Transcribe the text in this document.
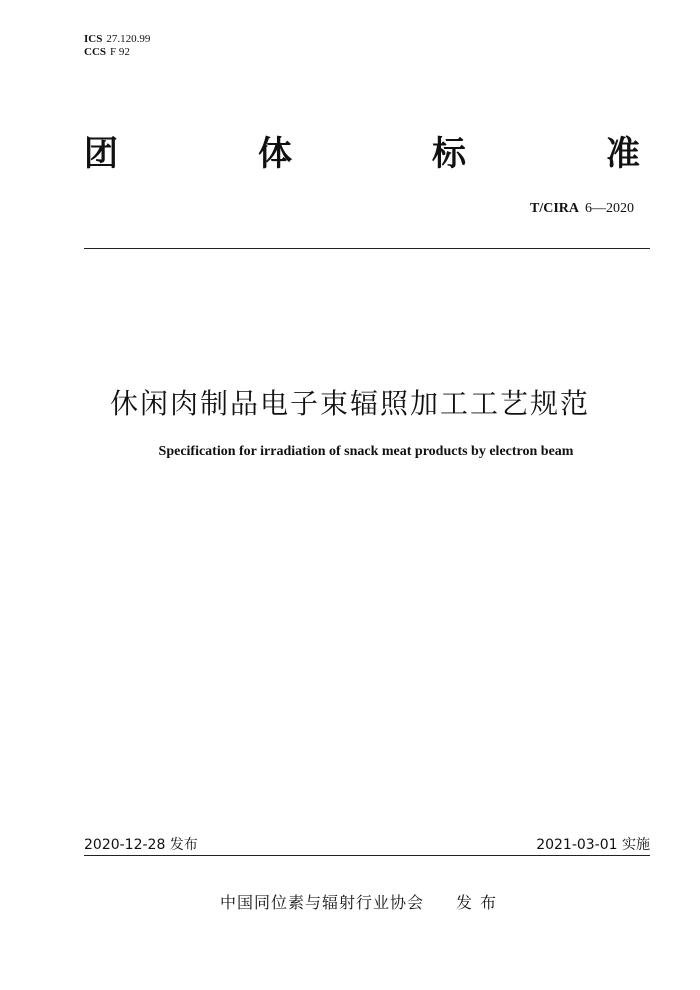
ICS 27.120.99
CCS F 92
团	体	标	准
T/CIRA 6—2020
休闲肉制品电子束辐照加工工艺规范
Specification for irradiation of snack meat products by electron beam
2020-12-28 发布	2021-03-01 实施
中国同位素与辐射行业协会 发布
